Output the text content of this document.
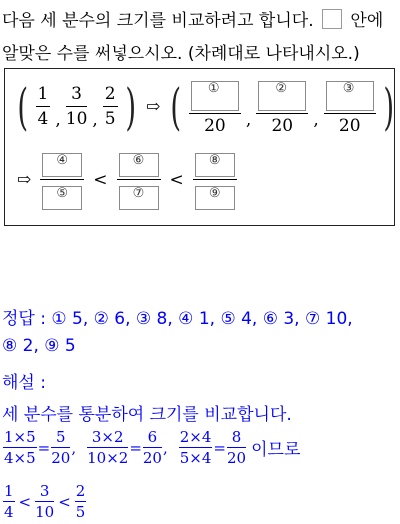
다음 세 분수의 크기를 비교하려고 합니다. 안에
알맞은 수를 써넣으시오. (차례대로 나타내시오.)
( $\frac{1}{4}$ , $\frac{3}{10}$ , $\frac{2}{5}$ ) ⇨ ( $\frac{\text{①}}{20}$ , $\frac{\text{②}}{20}$ , $\frac{\text{③}}{20}$ )
⇨ $\frac{\text{④}}{\text{⑤}} < \frac{\text{⑥}}{\text{⑦}} < \frac{\text{⑧}}{\text{⑨}}$
정답 : ① 5, ② 6, ③ 8, ④ 1, ⑤ 4, ⑥ 3, ⑦ 10,
⑧ 2, ⑨ 5
해설 :
세 분수를 통분하여 크기를 비교합니다.
$\frac{1\times 5}{4\times 5} = \frac{5}{20}$ , $\frac{3\times 2}{10\times 2} = \frac{6}{20}$ , $\frac{2\times 4}{5\times 4} = \frac{8}{20}$ 이므로
$\frac{1}{4} < \frac{3}{10} < \frac{2}{5}$
